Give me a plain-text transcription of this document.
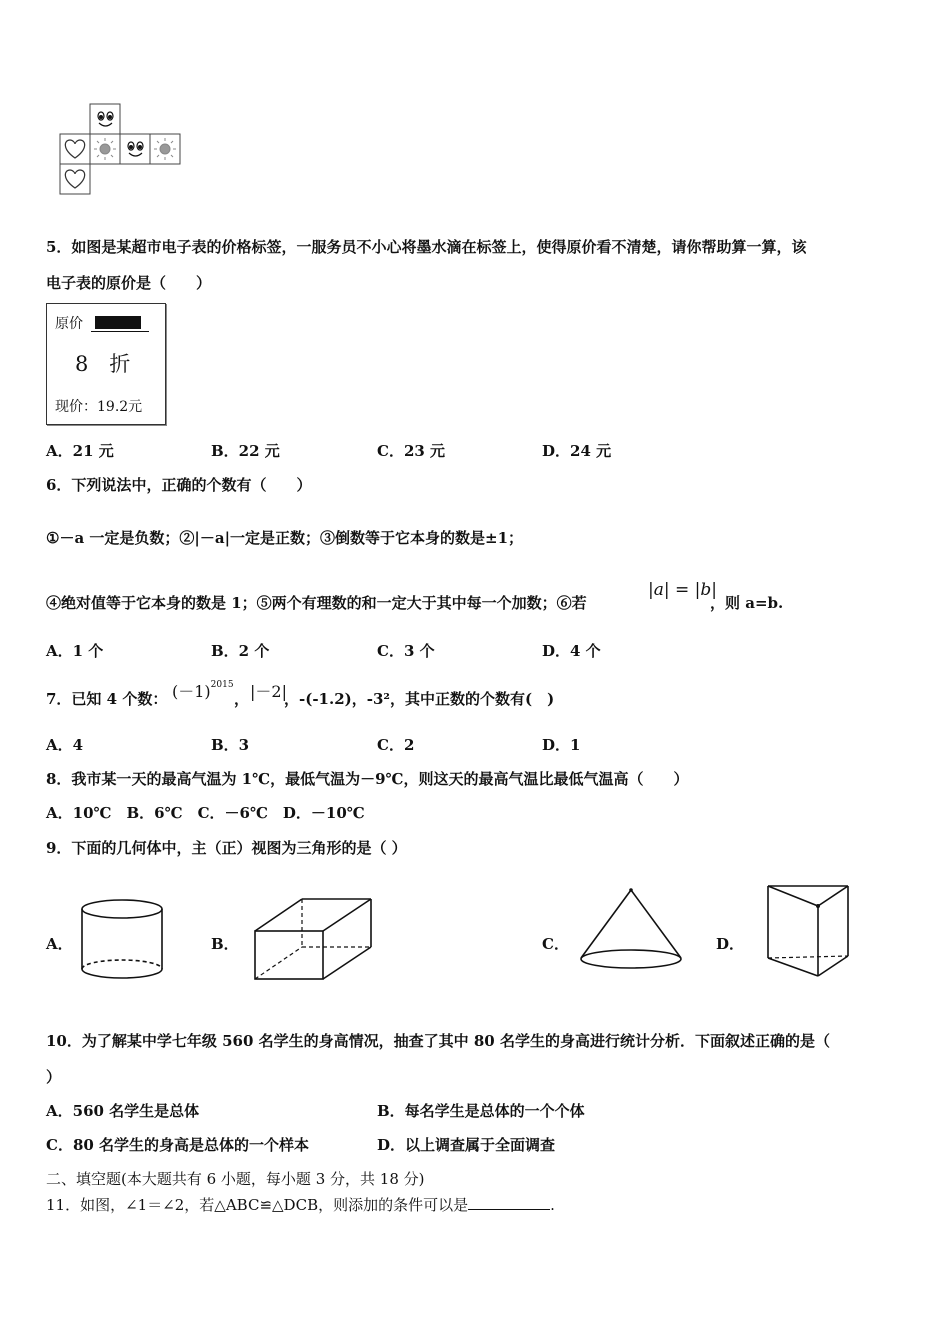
5．如图是某超市电子表的价格标签，一服务员不小心将墨水滴在标签上，使得原价看不清楚，请你帮助算一算，该
电子表的原价是（　　）
原价
8　折
现价：19.2元
A．21 元	B．22 元	C．23 元	D．24 元
6．下列说法中，正确的个数有（　　）
①－a 一定是负数；②|－a|一定是正数；③倒数等于它本身的数是±1；
④绝对值等于它本身的数是 1；⑤两个有理数的和一定大于其中每一个加数；⑥若
|a| = |b|
，则 a=b.
A．1 个	B．2 个	C．3 个	D．4 个
7．已知 4 个数： $(-1)^{2015}$
， |－2|
，-(-1.2)，-3²，其中正数的个数有(　)
A．4	B．3	C．2	D．1
8．我市某一天的最高气温为 1℃，最低气温为－9℃，则这天的最高气温比最低气温高（　　）
A．10℃　B．6℃　C．－6℃　D．－10℃
9．下面的几何体中，主（正）视图为三角形的是（ ）
A．	B．	C．	D．
10．为了解某中学七年级 560 名学生的身高情况，抽查了其中 80 名学生的身高进行统计分析．下面叙述正确的是（
）
A．560 名学生是总体	B．每名学生是总体的一个个体
C．80 名学生的身高是总体的一个样本	D．以上调查属于全面调查
二、填空题(本大题共有 6 小题，每小题 3 分，共 18 分)
11．如图，∠1＝∠2，若△ABC≌△DCB，则添加的条件可以是	.
